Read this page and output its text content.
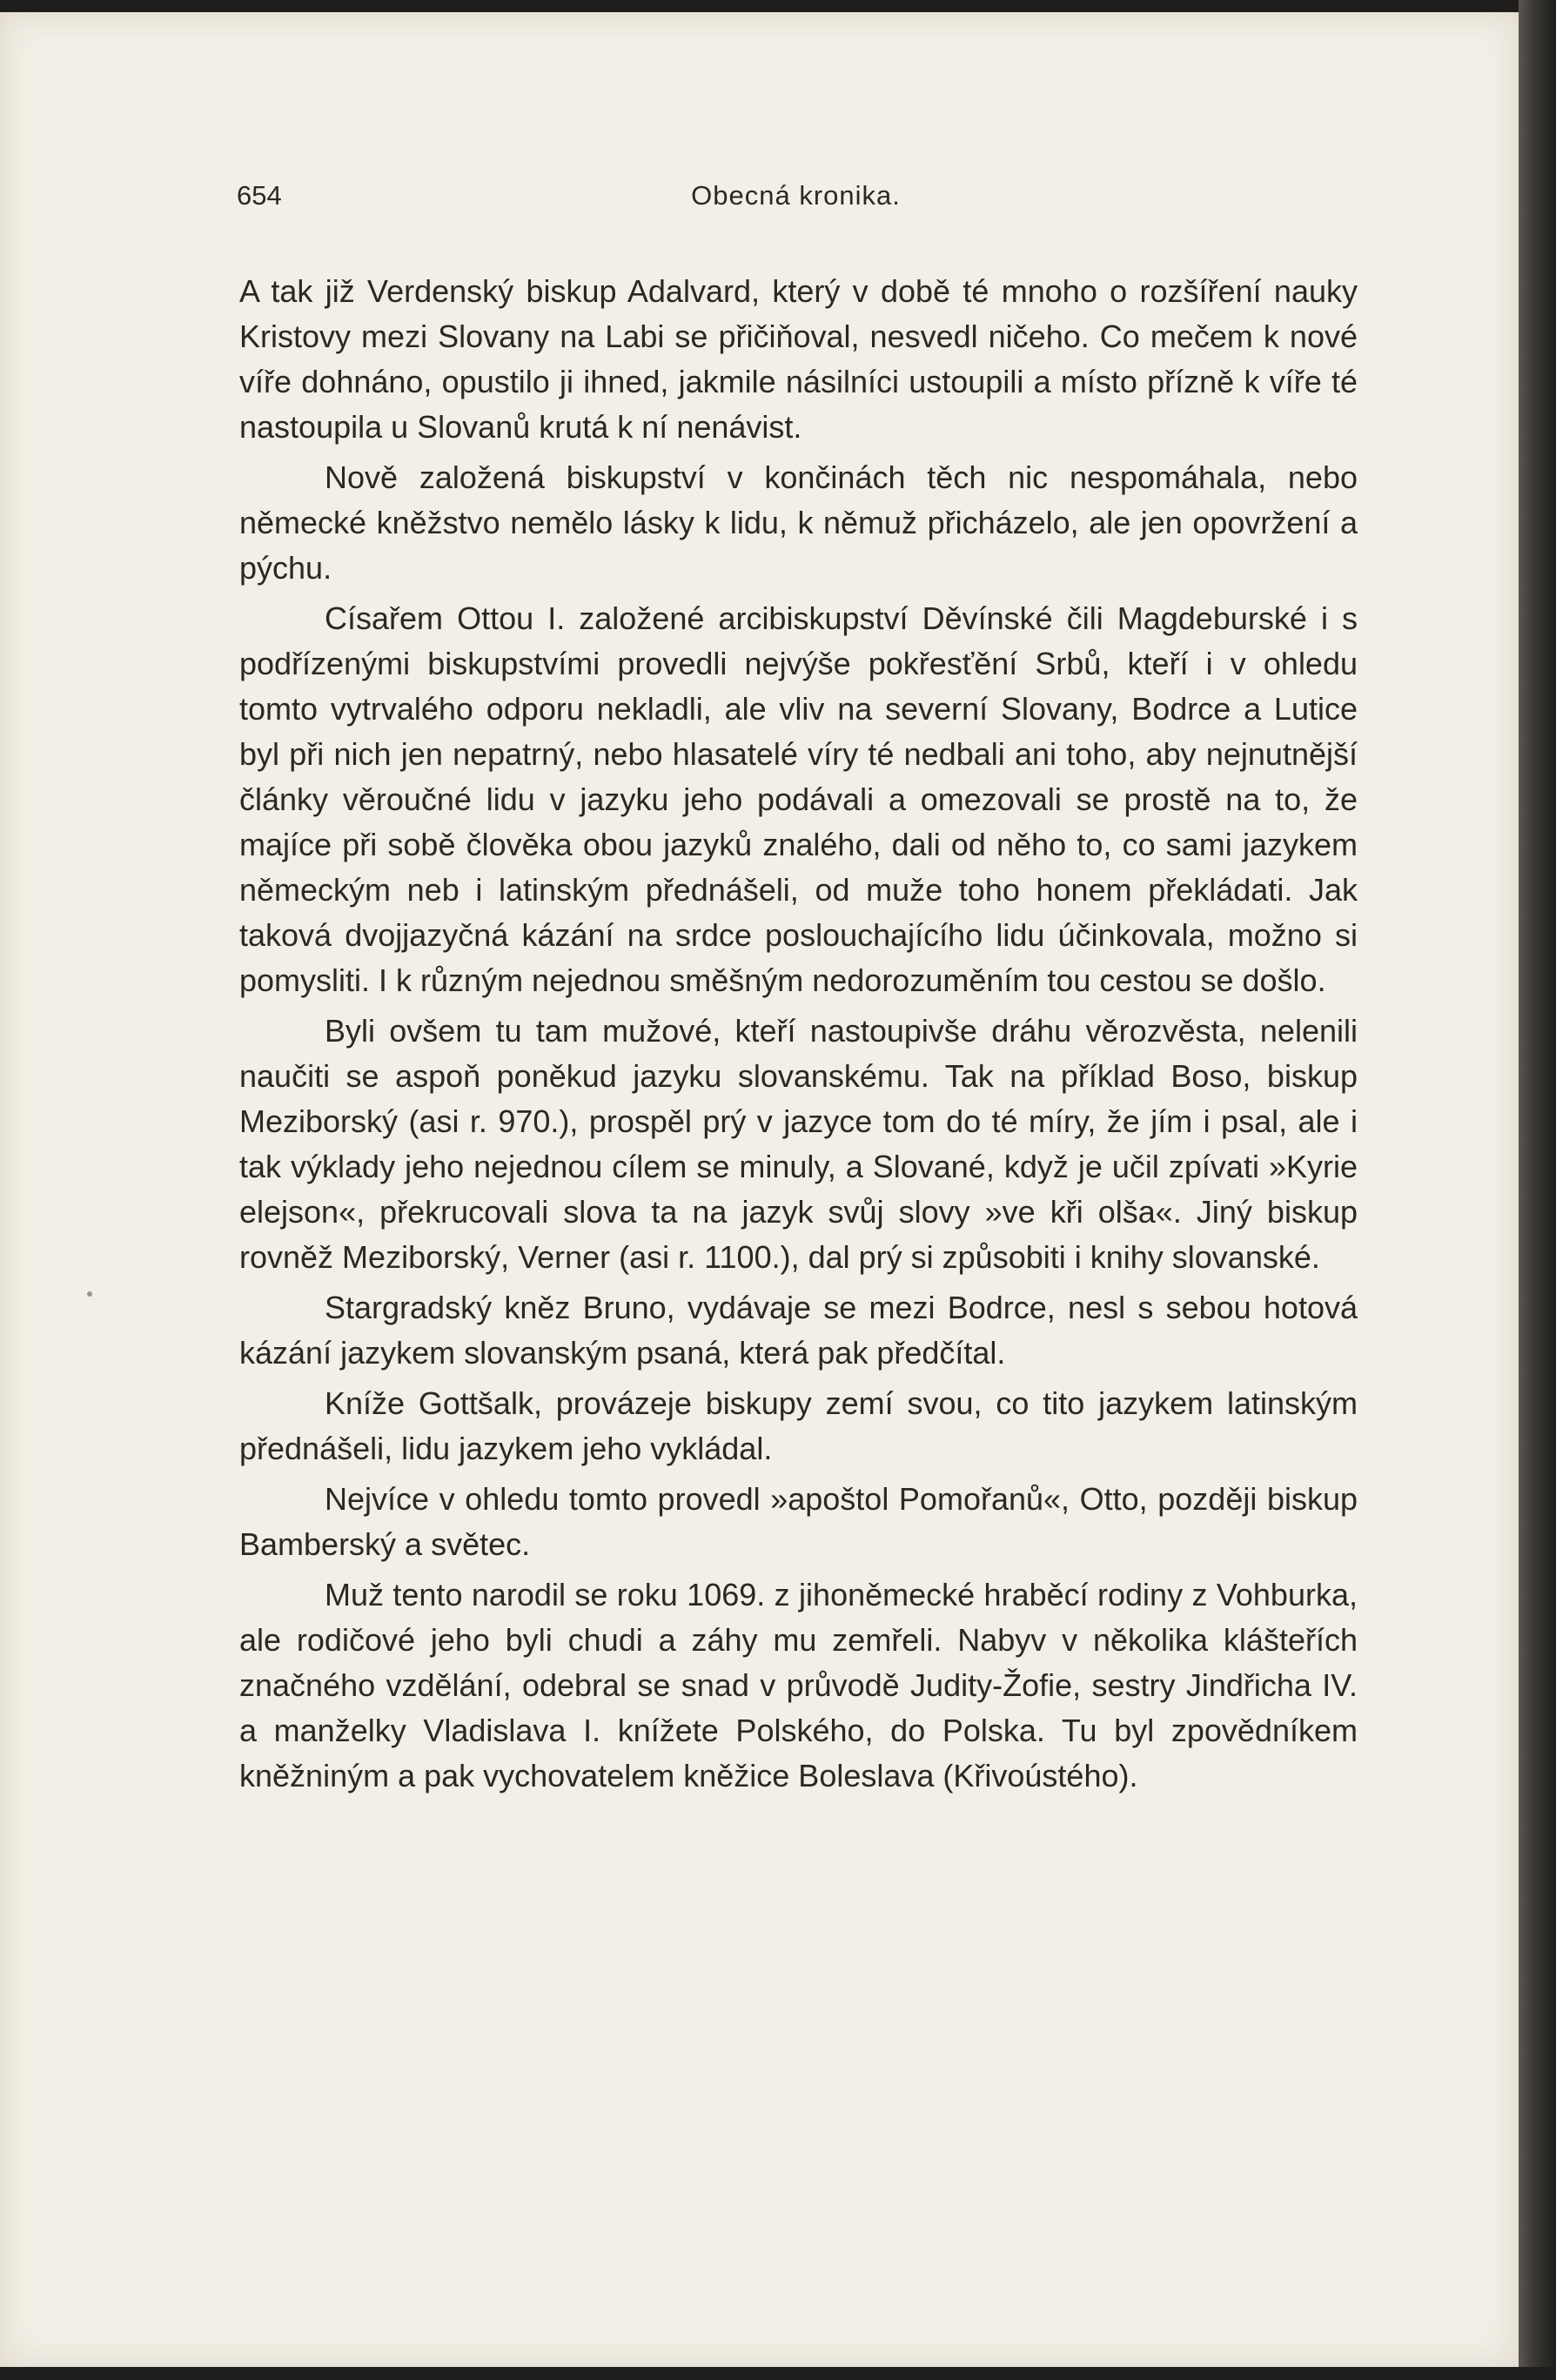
654	Obecná kronika.

A tak již Verdenský biskup Adalvard, který v době té mnoho o rozšíření nauky Kristovy mezi Slovany na Labi se přičiňoval, nesvedl ničeho. Co mečem k nové víře dohnáno, opustilo ji ihned, jakmile násilníci ustoupili a místo přízně k víře té nastoupila u Slovanů krutá k ní nenávist.

Nově založená biskupství v končinách těch nic nespomáhala, nebo německé kněžstvo nemělo lásky k lidu, k němuž přicházelo, ale jen opovržení a pýchu.

Císařem Ottou I. založené arcibiskupství Děvínské čili Magdeburské i s podřízenými biskupstvími provedli nejvýše pokřesťění Srbů, kteří i v ohledu tomto vytrvalého odporu nekladli, ale vliv na severní Slovany, Bodrce a Lutice byl při nich jen nepatrný, nebo hlasatelé víry té nedbali ani toho, aby nejnutnější články věroučné lidu v jazyku jeho podávali a omezovali se prostě na to, že majíce při sobě člověka obou jazyků znalého, dali od něho to, co sami jazykem německým neb i latinským přednášeli, od muže toho honem překládati. Jak taková dvojjazyčná kázání na srdce poslouchajícího lidu účinkovala, možno si pomysliti. I k různým nejednou směšným nedorozuměním tou cestou se došlo.

Byli ovšem tu tam mužové, kteří nastoupivše dráhu věrozvěsta, nelenili naučiti se aspoň poněkud jazyku slovanskému. Tak na příklad Boso, biskup Meziborský (asi r. 970.), prospěl prý v jazyce tom do té míry, že jím i psal, ale i tak výklady jeho nejednou cílem se minuly, a Slované, když je učil zpívati »Kyrie elejson«, překrucovali slova ta na jazyk svůj slovy »ve kři olša«. Jiný biskup rovněž Meziborský, Verner (asi r. 1100.), dal prý si způsobiti i knihy slovanské.

Stargradský kněz Bruno, vydávaje se mezi Bodrce, nesl s sebou hotová kázání jazykem slovanským psaná, která pak předčítal.

Kníže Gottšalk, provázeje biskupy zemí svou, co tito jazykem latinským přednášeli, lidu jazykem jeho vykládal.

Nejvíce v ohledu tomto provedl »apoštol Pomořanů«, Otto, později biskup Bamberský a světec.

Muž tento narodil se roku 1069. z jihoněmecké hraběcí rodiny z Vohburka, ale rodičové jeho byli chudi a záhy mu zemřeli. Nabyv v několika klášteřích značného vzdělání, odebral se snad v průvodě Judity-Žofie, sestry Jindřicha IV. a manželky Vladislava I. knížete Polského, do Polska. Tu byl zpovědníkem kněžniným a pak vychovatelem kněžice Boleslava (Křivoústého).
